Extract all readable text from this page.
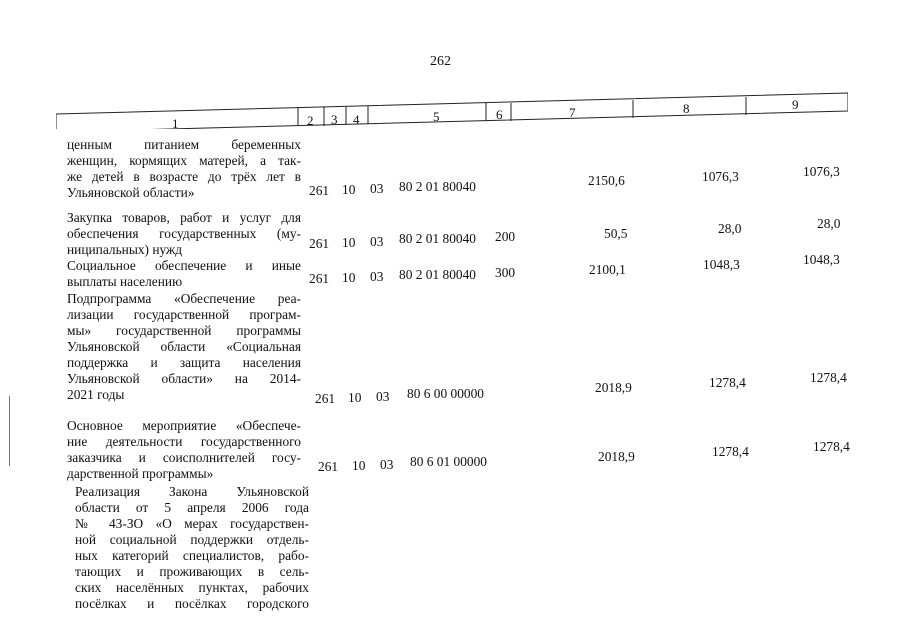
262
1	2 3 4	5	6	7	8	9
ценным питанием беременных
женщин, кормящих матерей, а так-
же детей в возрасте до трёх лет в
Ульяновской области»	261 10 03 80 2 01 80040	2150,6	1076,3	1076,3
Закупка товаров, работ и услуг для
обеспечения государственных (му-
ниципальных) нужд	261 10 03 80 2 01 80040 200	50,5	28,0	28,0
Социальное обеспечение и иные
выплаты населению	261 10 03 80 2 01 80040 300	2100,1	1048,3	1048,3
Подпрограмма «Обеспечение реа-
лизации государственной програм-
мы» государственной программы
Ульяновской области «Социальная
поддержка и защита населения
Ульяновской области» на 2014-
2021 годы	261 10 03 80 6 00 00000	2018,9	1278,4	1278,4
Основное мероприятие «Обеспече-
ние деятельности государственного
заказчика и соисполнителей госу-
дарственной программы»	261 10 03 80 6 01 00000	2018,9	1278,4	1278,4
Реализация Закона Ульяновской
области от 5 апреля 2006 года
№ 43-ЗО «О мерах государствен-
ной социальной поддержки отдель-
ных категорий специалистов, рабо-
тающих и проживающих в сель-
ских населённых пунктах, рабочих
посёлках и посёлках городского
